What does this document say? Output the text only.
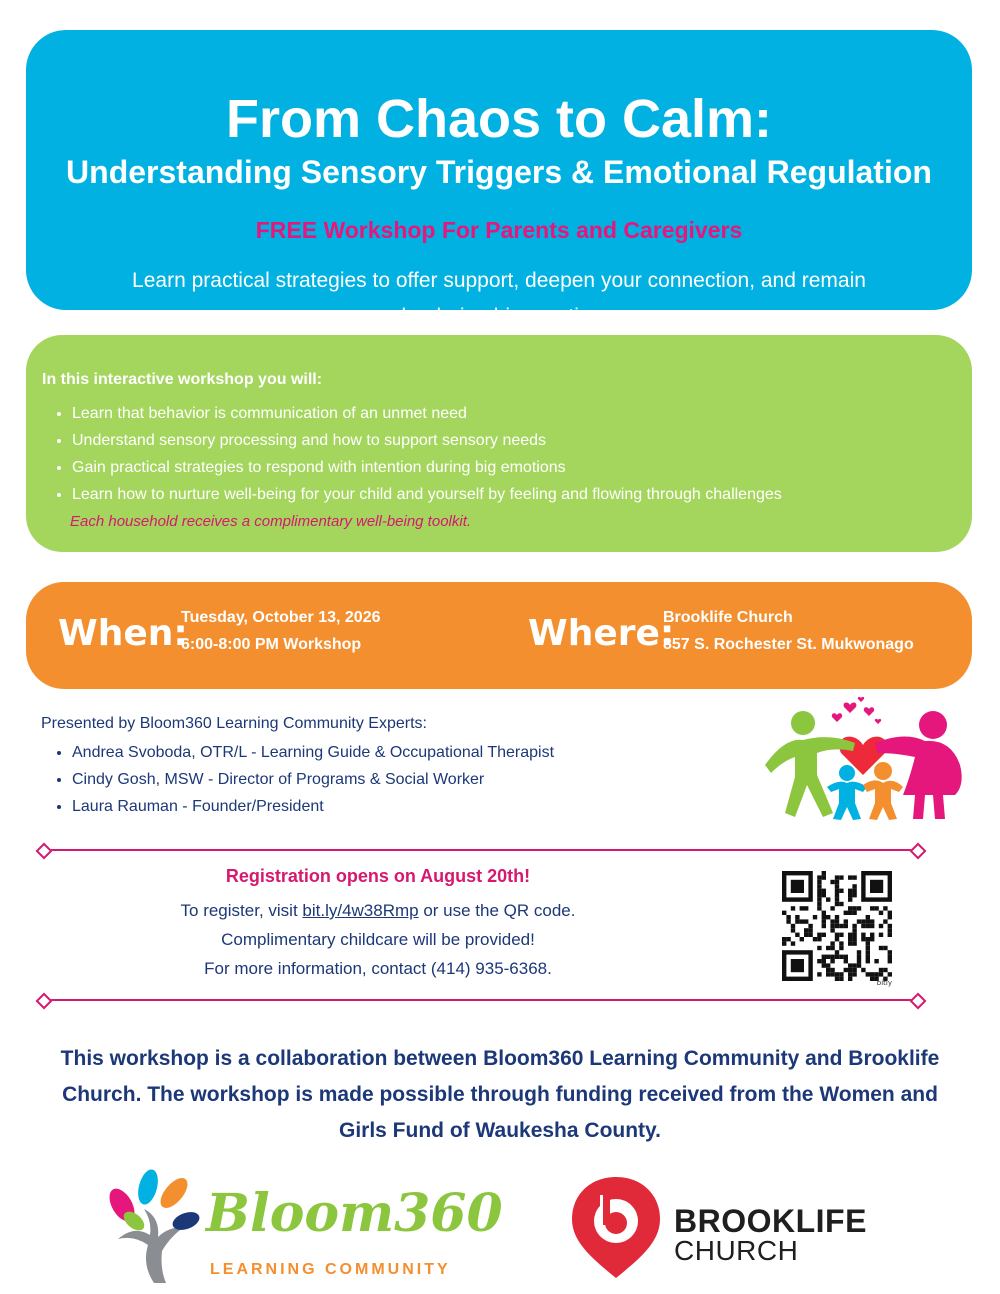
From Chaos to Calm:
Understanding Sensory Triggers & Emotional Regulation
FREE Workshop For Parents and Caregivers
Learn practical strategies to offer support, deepen your connection, and remain calm during big emotions.
In this interactive workshop you will:
• Learn that behavior is communication of an unmet need
• Understand sensory processing and how to support sensory needs
• Gain practical strategies to respond with intention during big emotions
• Learn how to nurture well-being for your child and yourself by feeling and flowing through challenges
Each household receives a complimentary well-being toolkit.
When:
Tuesday, October 13, 2026
6:00-8:00 PM Workshop	Where:
Brooklife Church
857 S. Rochester St. Mukwonago
Presented by Bloom360 Learning Community Experts:
• Andrea Svoboda, OTR/L - Learning Guide & Occupational Therapist
• Cindy Gosh, MSW - Director of Programs & Social Worker
• Laura Rauman - Founder/President
Registration opens on August 20th!
To register, visit bit.ly/4w38Rmp or use the QR code.
Complimentary childcare will be provided!
For more information, contact (414) 935-6368.
bitly
This workshop is a collaboration between Bloom360 Learning Community and Brooklife Church. The workshop is made possible through funding received from the Women and Girls Fund of Waukesha County.
Bloom360
LEARNING COMMUNITY
BROOKLIFE
CHURCH
